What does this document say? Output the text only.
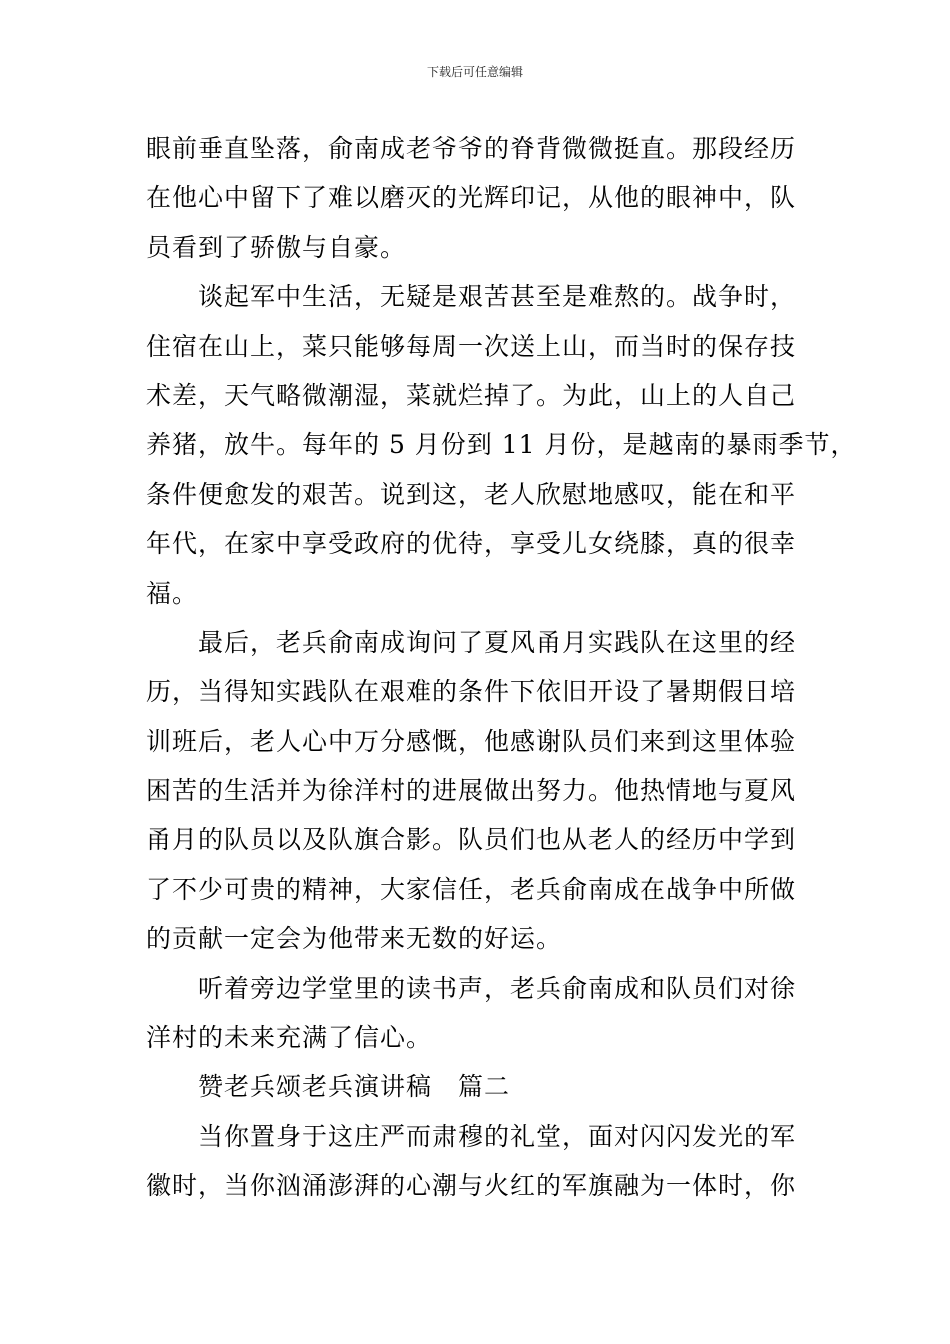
下载后可任意编辑
眼前垂直坠落，俞南成老爷爷的脊背微微挺直。那段经历
在他心中留下了难以磨灭的光辉印记，从他的眼神中，队
员看到了骄傲与自豪。
谈起军中生活，无疑是艰苦甚至是难熬的。战争时，
住宿在山上，菜只能够每周一次送上山，而当时的保存技
术差，天气略微潮湿，菜就烂掉了。为此，山上的人自己
养猪，放牛。每年的 5 月份到 11 月份，是越南的暴雨季节，
条件便愈发的艰苦。说到这，老人欣慰地感叹，能在和平
年代，在家中享受政府的优待，享受儿女绕膝，真的很幸
福。
最后，老兵俞南成询问了夏风甬月实践队在这里的经
历，当得知实践队在艰难的条件下依旧开设了暑期假日培
训班后，老人心中万分感慨，他感谢队员们来到这里体验
困苦的生活并为徐洋村的进展做出努力。他热情地与夏风
甬月的队员以及队旗合影。队员们也从老人的经历中学到
了不少可贵的精神，大家信任，老兵俞南成在战争中所做
的贡献一定会为他带来无数的好运。
听着旁边学堂里的读书声，老兵俞南成和队员们对徐
洋村的未来充满了信心。
赞老兵颂老兵演讲稿　篇二
当你置身于这庄严而肃穆的礼堂，面对闪闪发光的军
徽时，当你汹涌澎湃的心潮与火红的军旗融为一体时，你
